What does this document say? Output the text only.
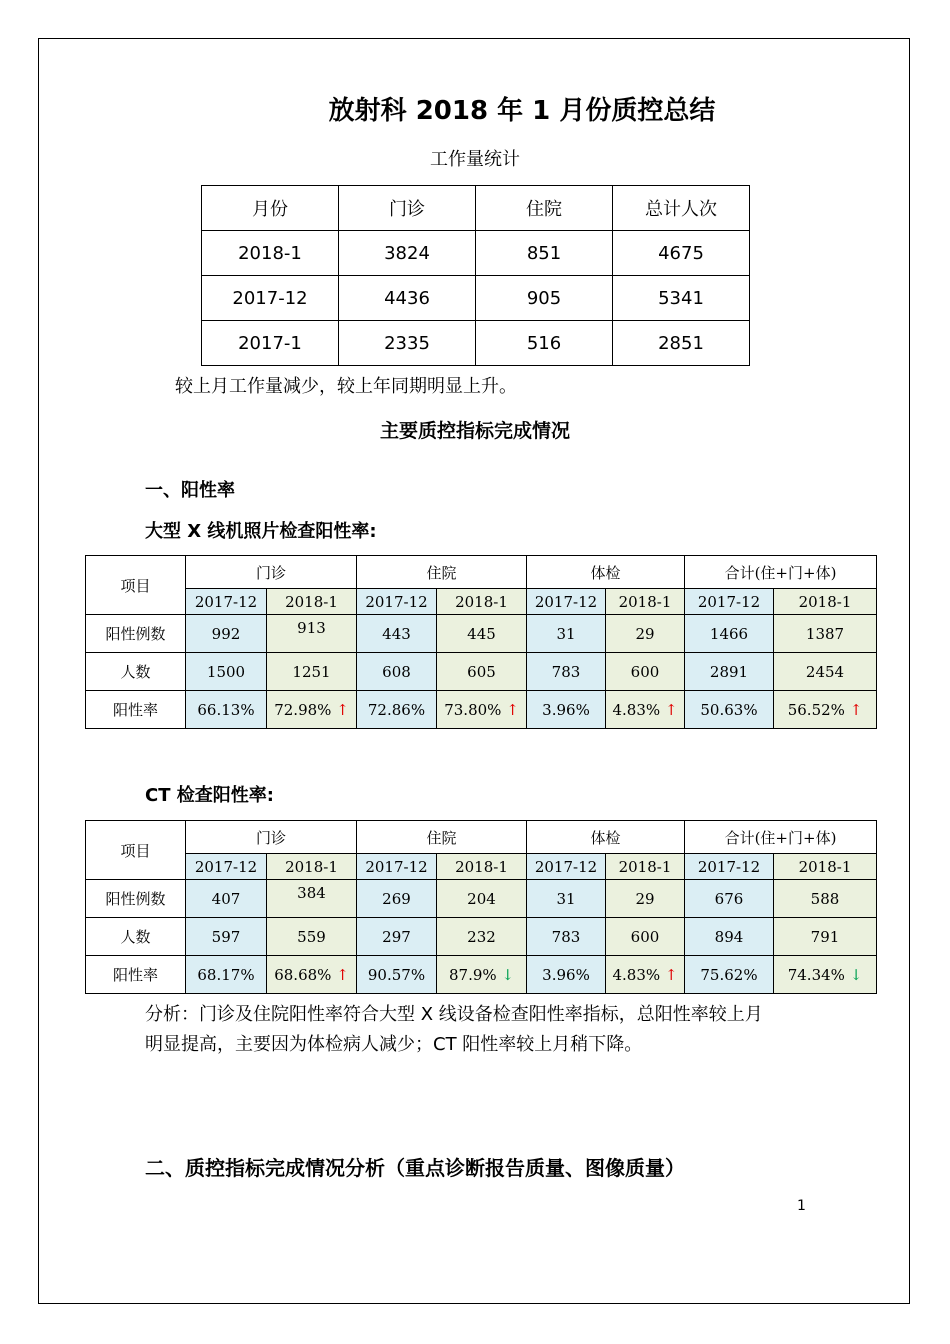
放射科 2018 年 1 月份质控总结
工作量统计
月份	门诊	住院	总计人次
2018-1	3824	851	4675
2017-12	4436	905	5341
2017-1	2335	516	2851
较上月工作量减少，较上年同期明显上升。
主要质控指标完成情况
一、阳性率
大型 X 线机照片检查阳性率:
项目	门诊		住院		体检		合计(住+门+体)	
	2017-12	2018-1	2017-12	2018-1	2017-12	2018-1	2017-12	2018-1
阳性例数	992	913	443	445	31	29	1466	1387
人数	1500	1251	608	605	783	600	2891	2454
阳性率	66.13%	72.98% ↑	72.86%	73.80% ↑	3.96%	4.83% ↑	50.63%	56.52% ↑
CT 检查阳性率:
项目	门诊		住院		体检		合计(住+门+体)	
	2017-12	2018-1	2017-12	2018-1	2017-12	2018-1	2017-12	2018-1
阳性例数	407	384	269	204	31	29	676	588
人数	597	559	297	232	783	600	894	791
阳性率	68.17%	68.68% ↑	90.57%	87.9% ↓	3.96%	4.83% ↑	75.62%	74.34% ↓
分析：门诊及住院阳性率符合大型 X 线设备检查阳性率指标，总阳性率较上月
明显提高，主要因为体检病人减少；CT 阳性率较上月稍下降。
二、质控指标完成情况分析（重点诊断报告质量、图像质量）
1
